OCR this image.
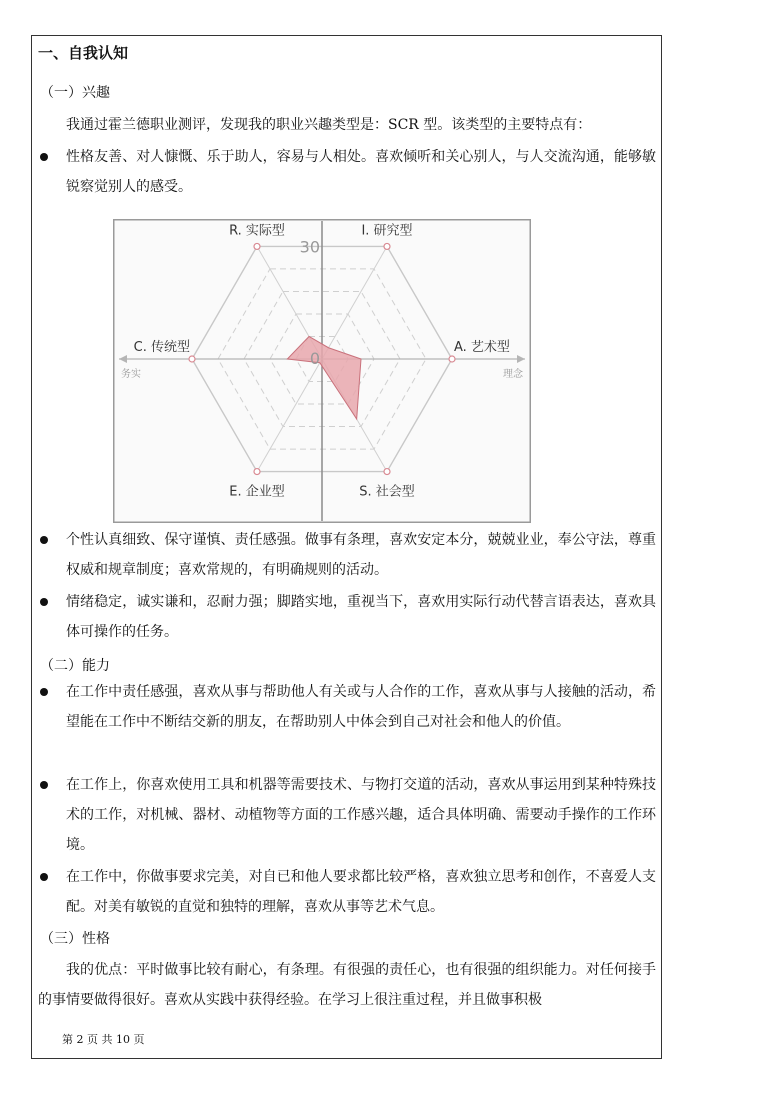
一、自我认知
（一）兴趣
我通过霍兰德职业测评，发现我的职业兴趣类型是：SCR 型。该类型的主要特点有：
性格友善、对人慷慨、乐于助人，容易与人相处。喜欢倾听和关心别人，与人交流沟通，能够敏锐察觉别人的感受。
R. 实际型	I. 研究型
A. 艺术型
S. 社会型
E. 企业型
C. 传统型
30
0
务实	理念
个性认真细致、保守谨慎、责任感强。做事有条理，喜欢安定本分，兢兢业业，奉公守法，尊重权威和规章制度；喜欢常规的，有明确规则的活动。
情绪稳定，诚实谦和，忍耐力强；脚踏实地，重视当下，喜欢用实际行动代替言语表达，喜欢具体可操作的任务。
（二）能力
在工作中责任感强，喜欢从事与帮助他人有关或与人合作的工作，喜欢从事与人接触的活动，希望能在工作中不断结交新的朋友，在帮助别人中体会到自己对社会和他人的价值。
在工作上，你喜欢使用工具和机器等需要技术、与物打交道的活动，喜欢从事运用到某种特殊技术的工作，对机械、器材、动植物等方面的工作感兴趣，适合具体明确、需要动手操作的工作环境。
在工作中，你做事要求完美，对自已和他人要求都比较严格，喜欢独立思考和创作，不喜爱人支配。对美有敏锐的直觉和独特的理解，喜欢从事等艺术气息。
（三）性格
我的优点：平时做事比较有耐心，有条理。有很强的责任心，也有很强的组织能力。对任何接手的事情要做得很好。喜欢从实践中获得经验。在学习上很注重过程，并且做事积极
第 2 页 共 10 页
